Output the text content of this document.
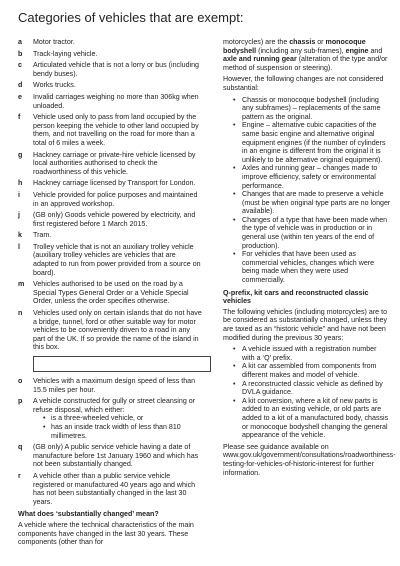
Categories of vehicles that are exempt:
a	Motor tractor.
b	Track-laying vehicle.
c	Articulated vehicle that is not a lorry or bus (including bendy buses).
d	Works trucks.
e	Invalid carriages weighing no more than 306kg when unloaded.
f	Vehicle used only to pass from land occupied by the person keeping the vehicle to other land occupied by them, and not travelling on the road for more than a total of 6 miles a week.
g	Hackney carriage or private-hire vehicle licensed by local authorities authorised to check the roadworthiness of this vehicle.
h	Hackney carriage licensed by Transport for London.
i	Vehicle provided for police purposes and maintained in an approved workshop.
j	(GB only) Goods vehicle powered by electricity, and first registered before 1 March 2015.
k	Tram.
l	Trolley vehicle that is not an auxiliary trolley vehicle (auxiliary trolley vehicles are vehicles that are adapted to run from power provided from a source on board).
m	Vehicles authorised to be used on the road by a Special Types General Order or a Vehicle Special Order, unless the order specifies otherwise.
n	Vehicles used only on certain islands that do not have a bridge, tunnel, ford or other suitable way for motor vehicles to be conveniently driven to a road in any part of the UK. If so provide the name of the island in this box.
o	Vehicles with a maximum design speed of less than 15.5 miles per hour.
p	A vehicle constructed for gully or street cleansing or refuse disposal, which either:
• is a three-wheeled vehicle, or
• has an inside track width of less than 810 millimetres.
q	(GB only) A public service vehicle having a date of manufacture before 1st January 1960 and which has not been substantially changed.
r	A vehicle other than a public service vehicle registered or manufactured 40 years ago and which has not been substantially changed in the last 30 years.
What does ‘substantially changed’ mean?

A vehicle where the technical characteristics of the main components have changed in the last 30 years. These components (other than for

motorcycles) are the chassis or monocoque bodyshell (including any sub-frames), engine and axle and running gear (alteration of the type and/or method of suspension or steering).

However, the following changes are not considered substantial:

• Chassis or monocoque bodyshell (including any subframes) – replacements of the same pattern as the original.
• Engine – alternative cubic capacities of the same basic engine and alternative original equipment engines (if the number of cylinders in an engine is different from the original it is unlikely to be alternative original equipment).
• Axles and running gear – changes made to improve efficiency, safety or environmental performance.
• Changes that are made to preserve a vehicle (must be when original type parts are no longer available).
• Changes of a type that have been made when the type of vehicle was in production or in general use (within ten years of the end of production).
• For vehicles that have been used as commercial vehicles, changes which were being made when they were used commercially.
Q-prefix, kit cars and reconstructed classic vehicles

The following vehicles (including motorcycles) are to be considered as substantially changed, unless they are taxed as an “historic vehicle” and have not been modified during the previous 30 years:

• A vehicle issued with a registration number with a ‘Q’ prefix.
• A kit car assembled from components from different makes and model of vehicle.
• A reconstructed classic vehicle as defined by DVLA guidance.
• A kit conversion, where a kit of new parts is added to an existing vehicle, or old parts are added to a kit of a manufactured body, chassis or monocoque bodyshell changing the general appearance of the vehicle.

Please see guidance available on www.gov.uk/government/consultations/roadworthiness-testing-for-vehicles-of-historic-interest for further information.
